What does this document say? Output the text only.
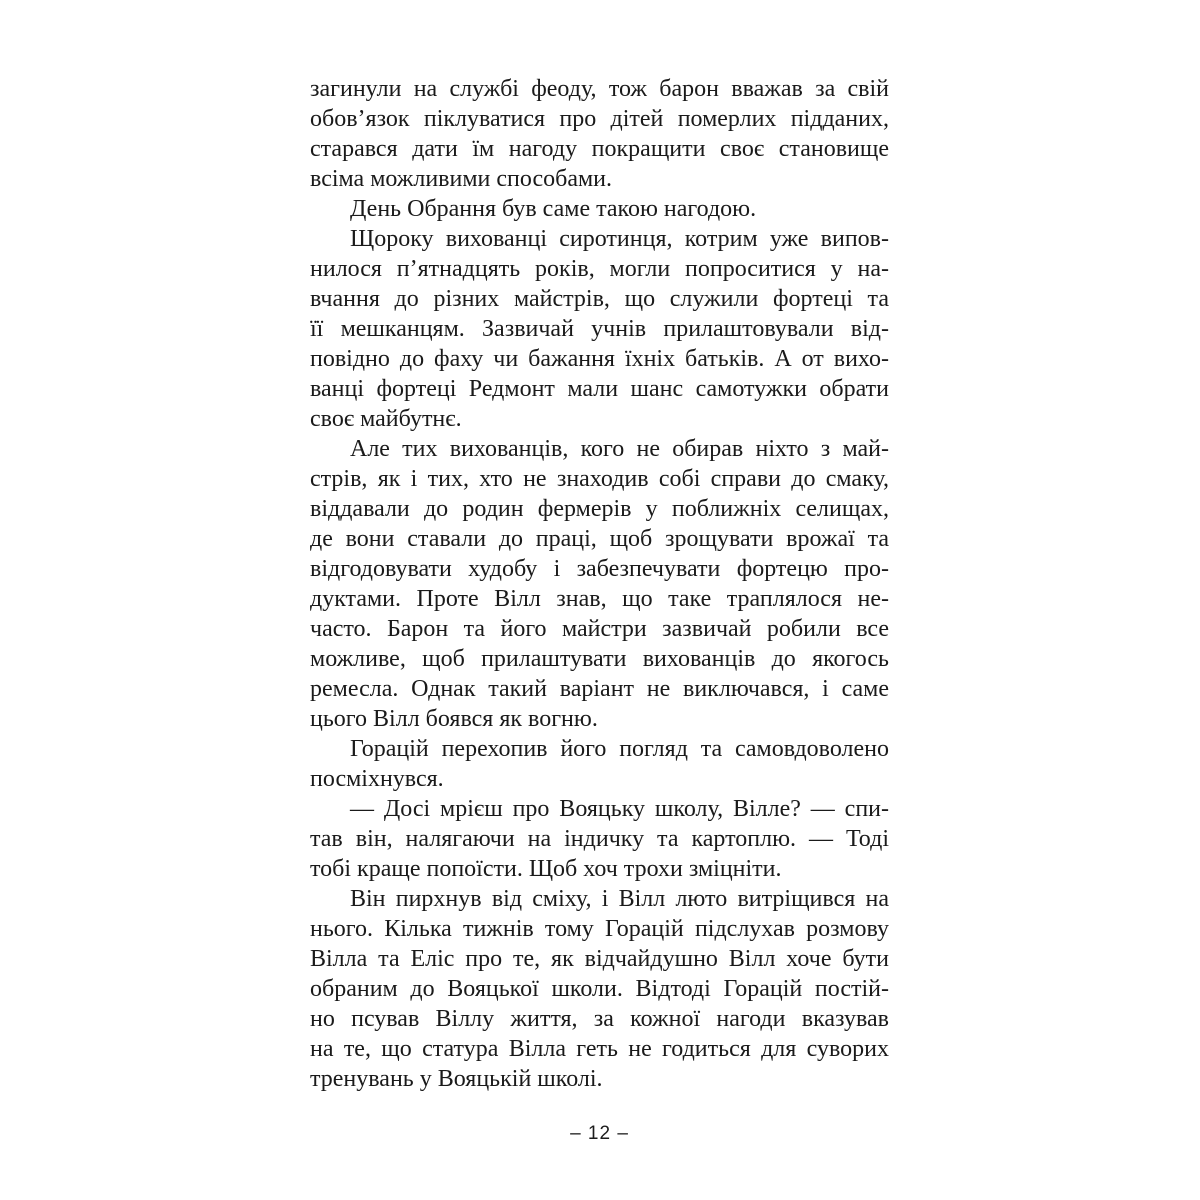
загинули на службі феоду, тож барон вважав за свій
обов’язок піклуватися про дітей померлих підданих,
старався дати їм нагоду покращити своє становище
всіма можливими способами.
День Обрання був саме такою нагодою.
Щороку вихованці сиротинця, котрим уже випов-
нилося п’ятнадцять років, могли попроситися у на-
вчання до різних майстрів, що служили фортеці та
її мешканцям. Зазвичай учнів прилаштовували від-
повідно до фаху чи бажання їхніх батьків. А от вихо-
ванці фортеці Редмонт мали шанс самотужки обрати
своє майбутнє.
Але тих вихованців, кого не обирав ніхто з май-
стрів, як і тих, хто не знаходив собі справи до смаку,
віддавали до родин фермерів у поближніх селищах,
де вони ставали до праці, щоб зрощувати врожаї та
відгодовувати худобу і забезпечувати фортецю про-
дуктами. Проте Вілл знав, що таке траплялося не-
часто. Барон та його майстри зазвичай робили все
можливе, щоб прилаштувати вихованців до якогось
ремесла. Однак такий варіант не виключався, і саме
цього Вілл боявся як вогню.
Горацій перехопив його погляд та самовдоволено
посміхнувся.
— Досі мрієш про Вояцьку школу, Вілле? — спи-
тав він, налягаючи на індичку та картоплю. — Тоді
тобі краще попоїсти. Щоб хоч трохи зміцніти.
Він пирхнув від сміху, і Вілл люто витріщився на
нього. Кілька тижнів тому Горацій підслухав розмову
Вілла та Еліс про те, як відчайдушно Вілл хоче бути
обраним до Вояцької школи. Відтоді Горацій постій-
но псував Віллу життя, за кожної нагоди вказував
на те, що статура Вілла геть не годиться для суворих
тренувань у Вояцькій школі.
– 12 –
